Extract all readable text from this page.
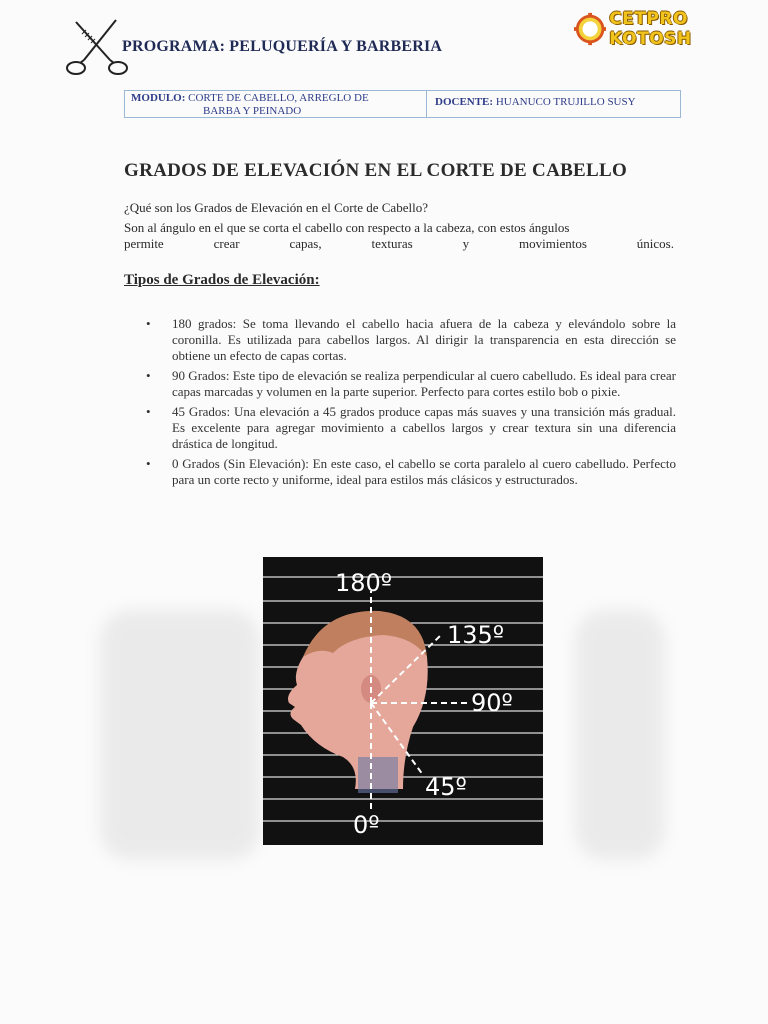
PROGRAMA: PELUQUERÍA Y BARBERIA
CETPRO KOTOSH
MODULO: CORTE DE CABELLO, ARREGLO DE
BARBA Y PEINADO
DOCENTE: HUANUCO TRUJILLO SUSY
GRADOS DE ELEVACIÓN EN EL CORTE DE CABELLO
¿Qué son los Grados de Elevación en el Corte de Cabello?
Son al ángulo en el que se corta el cabello con respecto a la cabeza, con estos ángulos
permite crear capas, texturas y movimientos únicos.
Tipos de Grados de Elevación:
• 180 grados: Se toma llevando el cabello hacia afuera de la cabeza y elevándolo sobre la coronilla. Es utilizada para cabellos largos. Al dirigir la transparencia en esta dirección se obtiene un efecto de capas cortas.
• 90 Grados: Este tipo de elevación se realiza perpendicular al cuero cabelludo. Es ideal para crear capas marcadas y volumen en la parte superior. Perfecto para cortes estilo bob o pixie.
• 45 Grados: Una elevación a 45 grados produce capas más suaves y una transición más gradual. Es excelente para agregar movimiento a cabellos largos y crear textura sin una diferencia drástica de longitud.
• 0 Grados (Sin Elevación): En este caso, el cabello se corta paralelo al cuero cabelludo. Perfecto para un corte recto y uniforme, ideal para estilos más clásicos y estructurados.
180º
135º
90º
45º
0º
